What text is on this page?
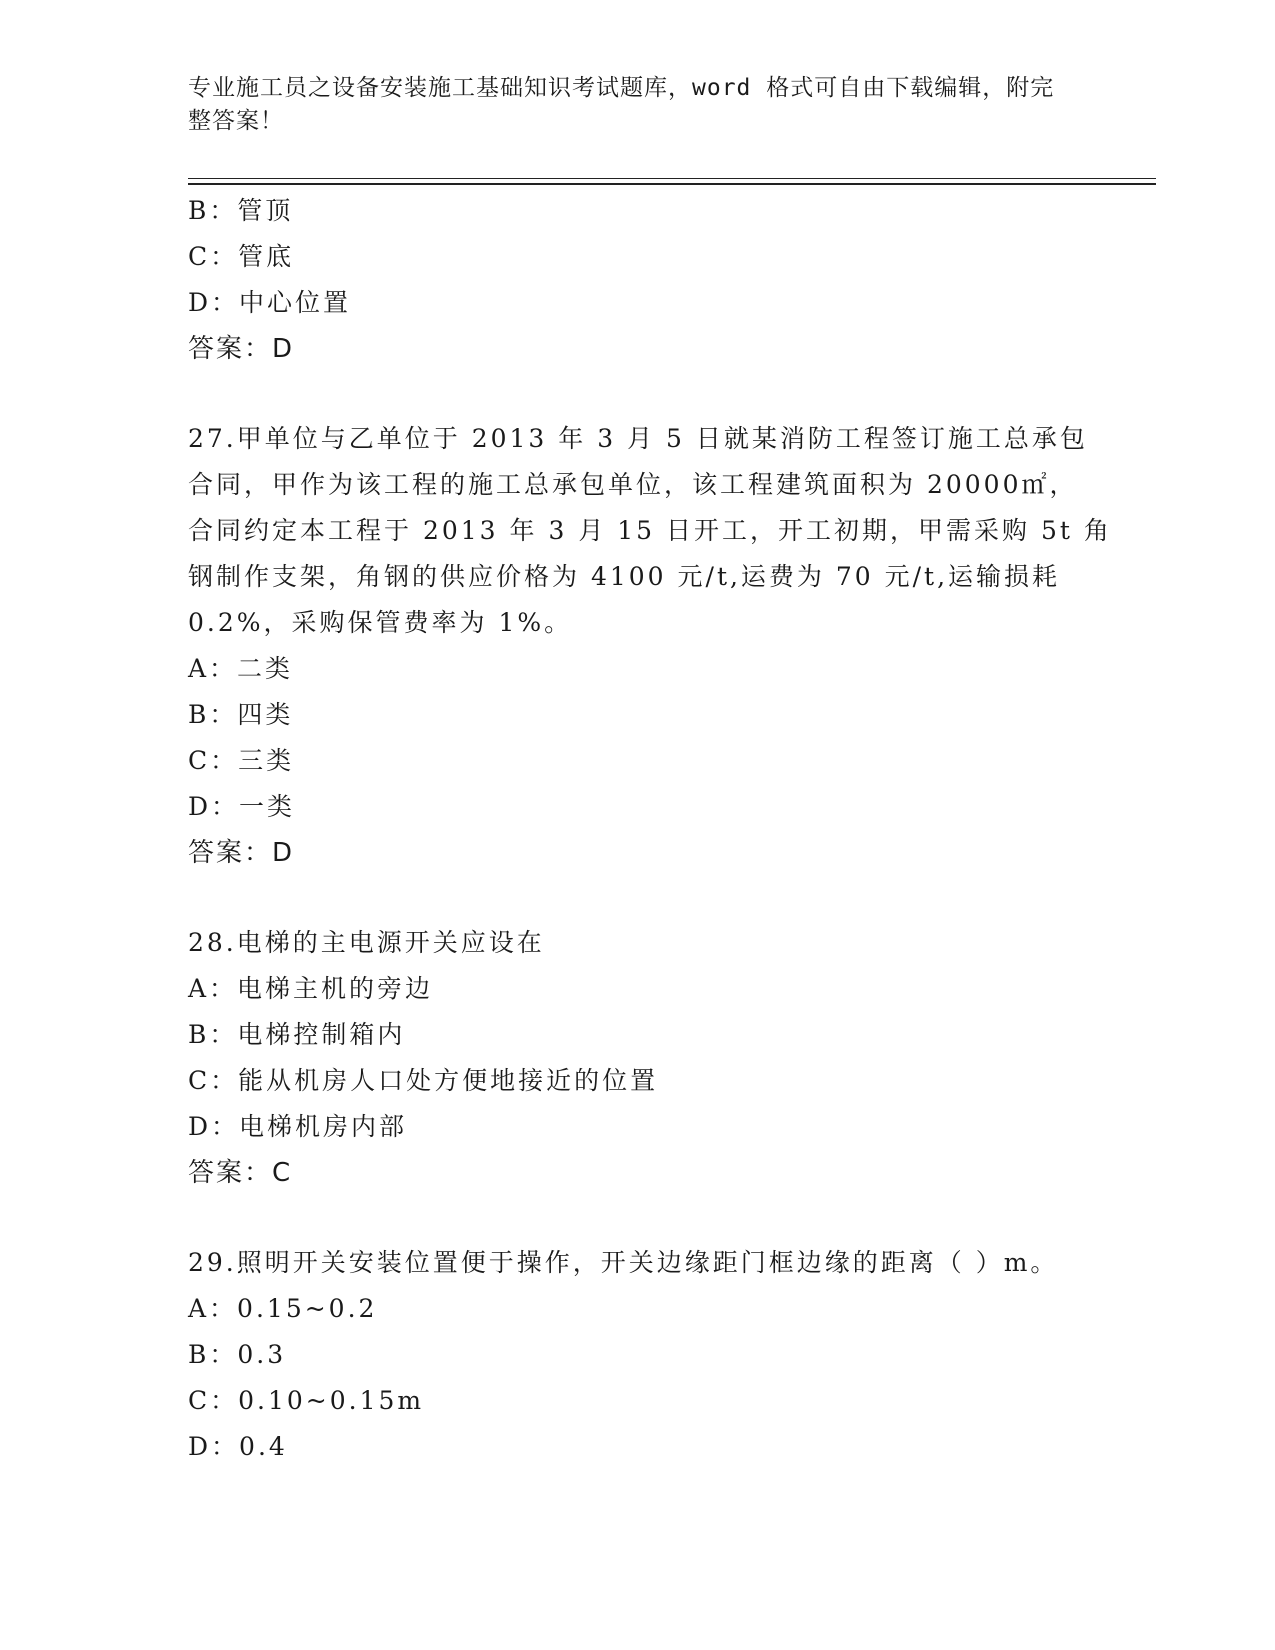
专业施工员之设备安装施工基础知识考试题库，word 格式可自由下载编辑，附完
整答案！
B：管顶
C：管底
D：中心位置
答案：D
27.甲单位与乙单位于 2013 年 3 月 5 日就某消防工程签订施工总承包
合同，甲作为该工程的施工总承包单位，该工程建筑面积为 20000㎡，
合同约定本工程于 2013 年 3 月 15 日开工，开工初期，甲需采购 5t 角
钢制作支架，角钢的供应价格为 4100 元/t,运费为 70 元/t,运输损耗
0.2%，采购保管费率为 1%。
A：二类
B：四类
C：三类
D：一类
答案：D
28.电梯的主电源开关应设在
A：电梯主机的旁边
B：电梯控制箱内
C：能从机房人口处方便地接近的位置
D：电梯机房内部
答案：C
29.照明开关安装位置便于操作，开关边缘距门框边缘的距离（ ）m。
A：0.15~0.2
B：0.3
C：0.10~0.15m
D：0.4
